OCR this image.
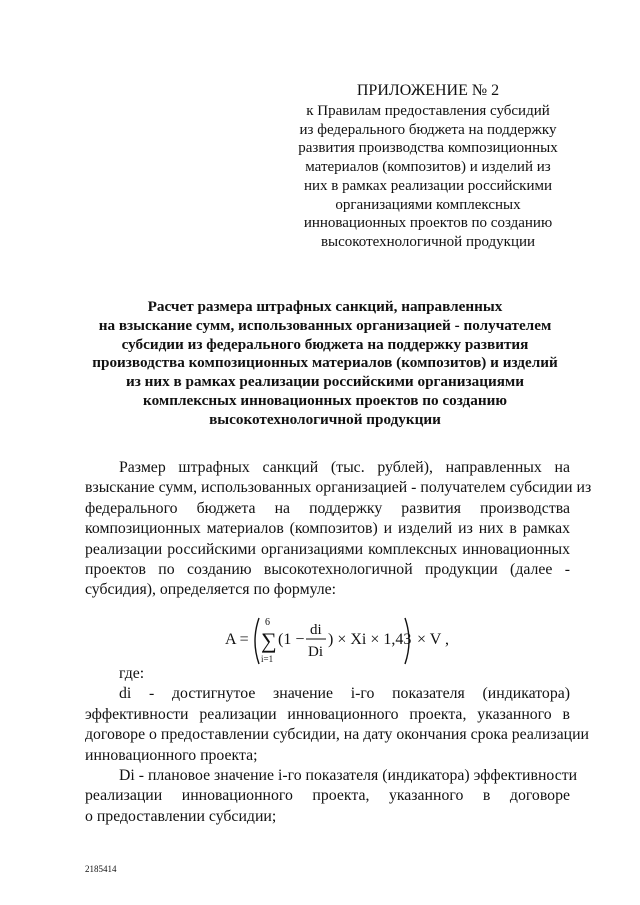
ПРИЛОЖЕНИЕ № 2
к Правилам предоставления субсидий
из федерального бюджета на поддержку
развития производства композиционных
материалов (композитов) и изделий из
них в рамках реализации российскими
организациями комплексных
инновационных проектов по созданию
высокотехнологичной продукции
Расчет размера штрафных санкций, направленных
на взыскание сумм, использованных организацией - получателем
субсидии из федерального бюджета на поддержку развития
производства композиционных материалов (композитов) и изделий
из них в рамках реализации российскими организациями
комплексных инновационных проектов по созданию
высокотехнологичной продукции
Размер штрафных санкций (тыс. рублей), направленных на
взыскание сумм, использованных организацией - получателем субсидии из
федерального бюджета на поддержку развития производства
композиционных материалов (композитов) и изделий из них в рамках
реализации российскими организациями комплексных инновационных
проектов по созданию высокотехнологичной продукции (далее -
субсидия), определяется по формуле:
A =
6
∑
i=1
(1 −
di
Di
) × Xi × 1,43 × V ,
где:
di - достигнутое значение i-го показателя (индикатора)
эффективности реализации инновационного проекта, указанного в
договоре о предоставлении субсидии, на дату окончания срока реализации
инновационного проекта;
Di - плановое значение i-го показателя (индикатора) эффективности
реализации инновационного проекта, указанного в договоре
о предоставлении субсидии;
2185414
